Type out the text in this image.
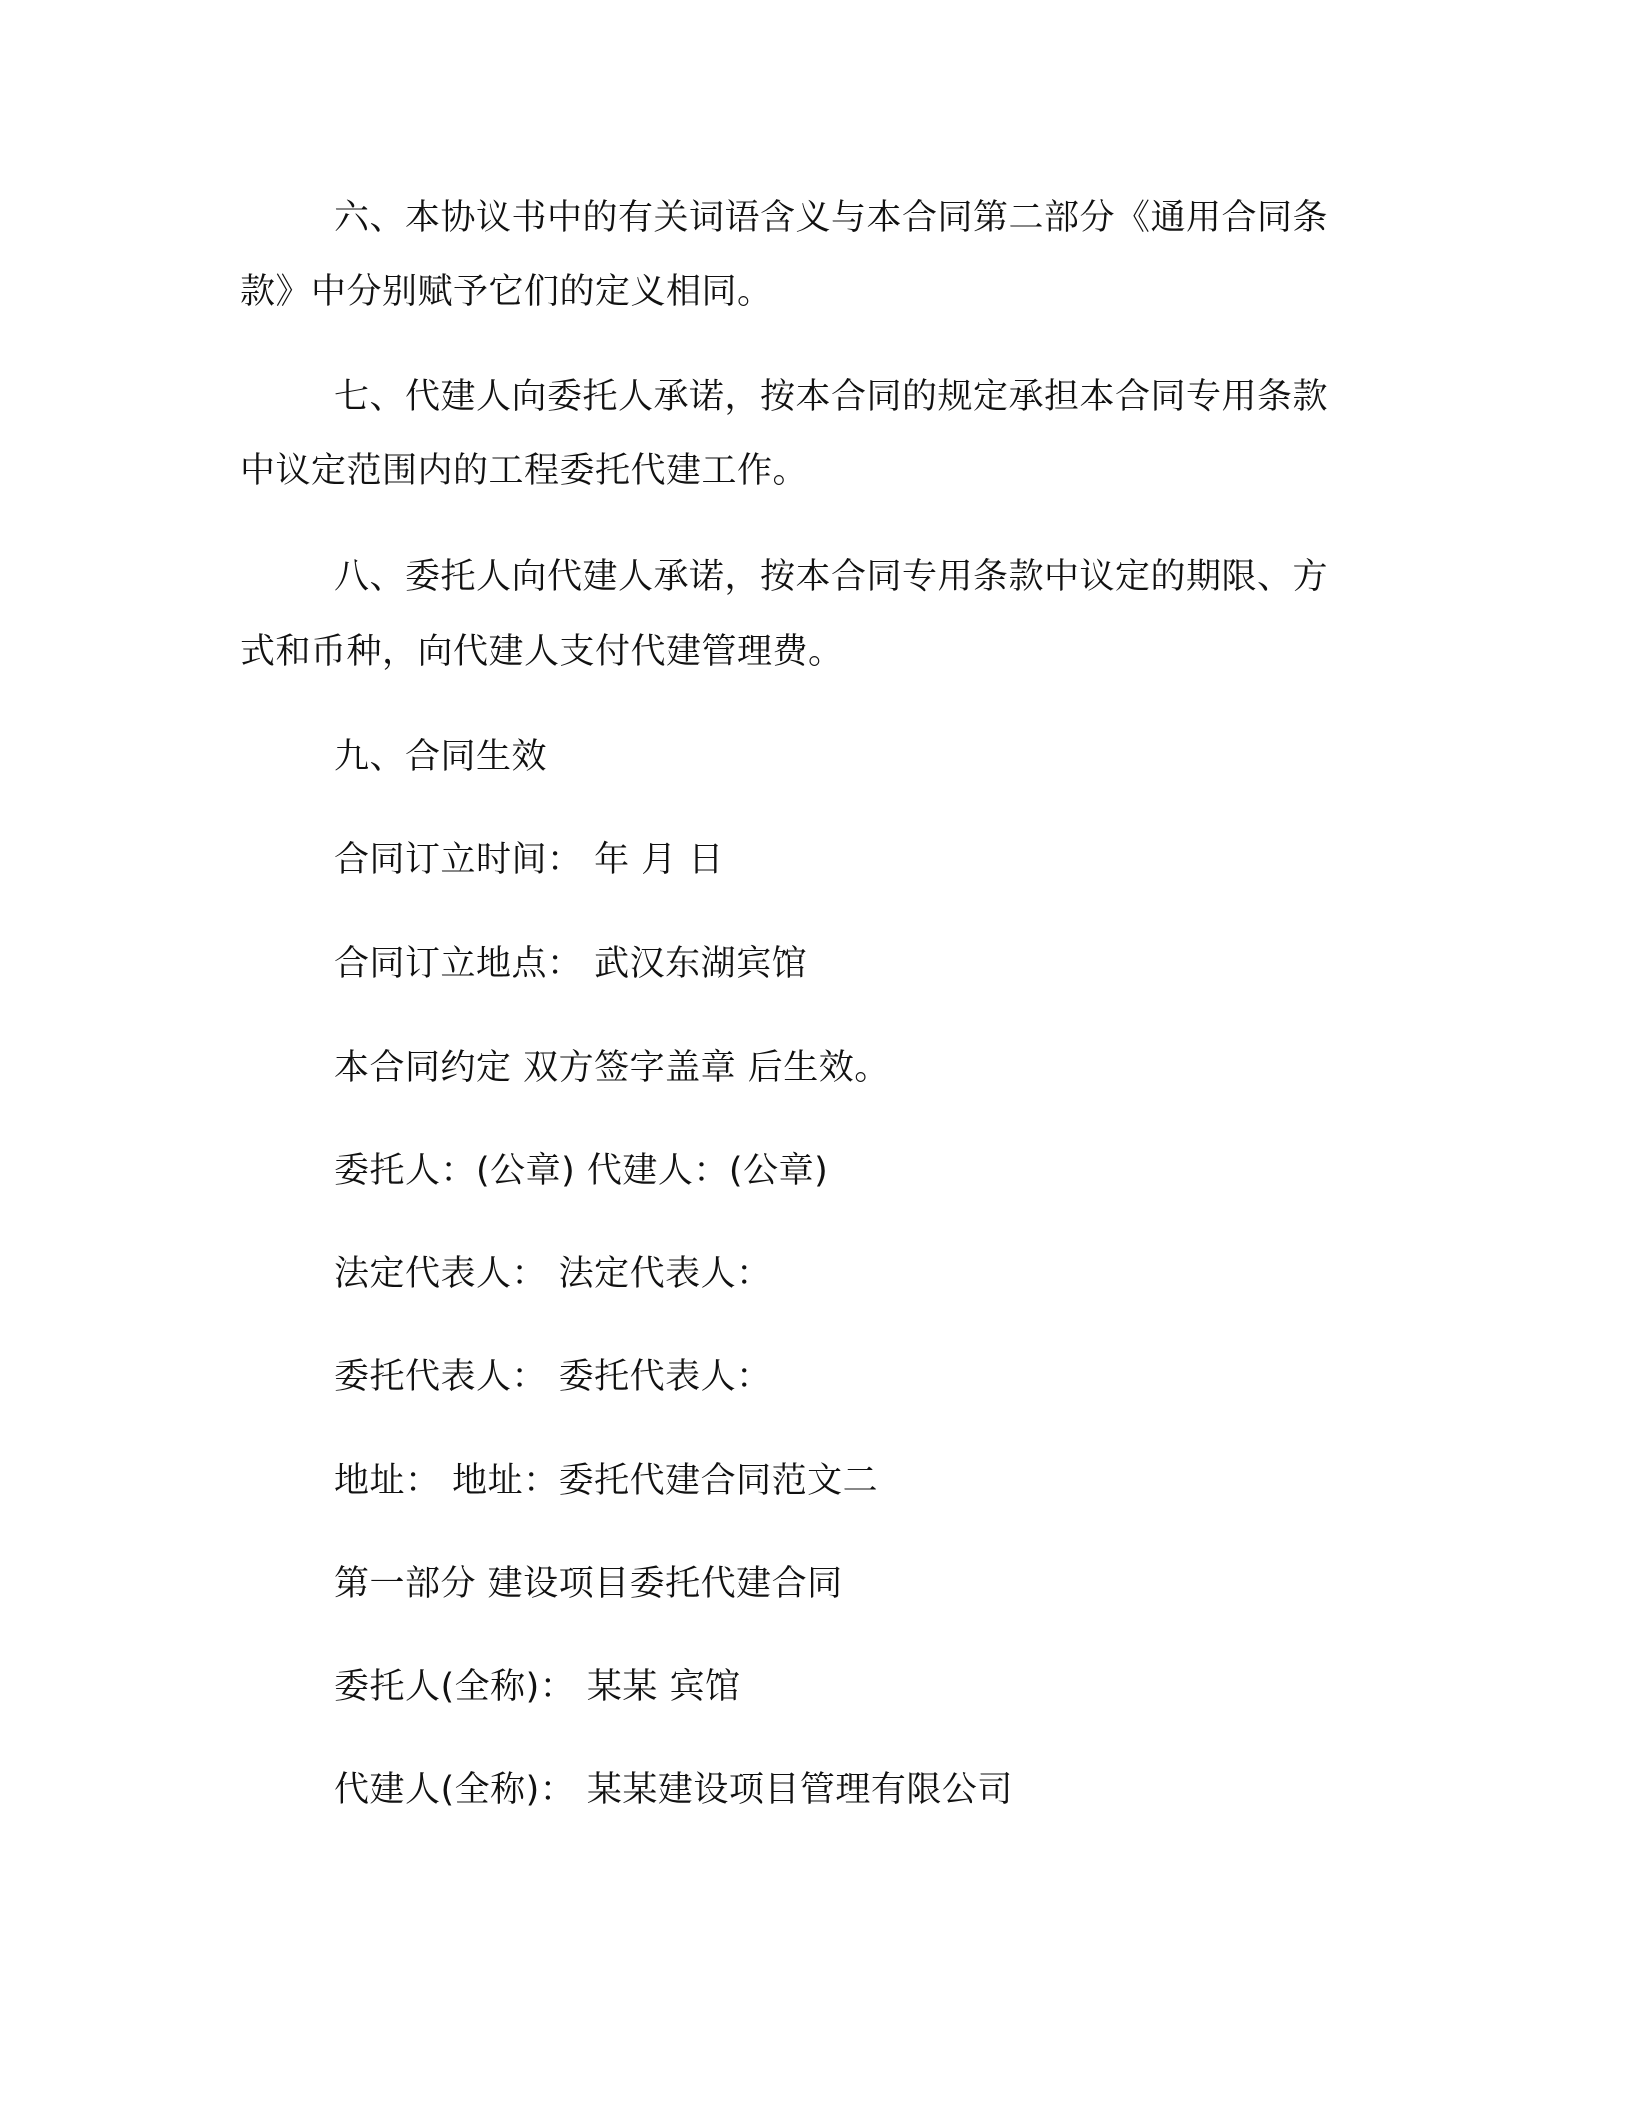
六、本协议书中的有关词语含义与本合同第二部分《通用合同条
款》中分别赋予它们的定义相同。
七、代建人向委托人承诺，按本合同的规定承担本合同专用条款
中议定范围内的工程委托代建工作。
八、委托人向代建人承诺，按本合同专用条款中议定的期限、方
式和币种，向代建人支付代建管理费。
九、合同生效
合同订立时间： 年 月 日
合同订立地点： 武汉东湖宾馆
本合同约定 双方签字盖章 后生效。
委托人：(公章) 代建人：(公章)
法定代表人： 法定代表人：
委托代表人： 委托代表人：
地址： 地址：委托代建合同范文二
第一部分 建设项目委托代建合同
委托人(全称)： 某某 宾馆
代建人(全称)： 某某建设项目管理有限公司
